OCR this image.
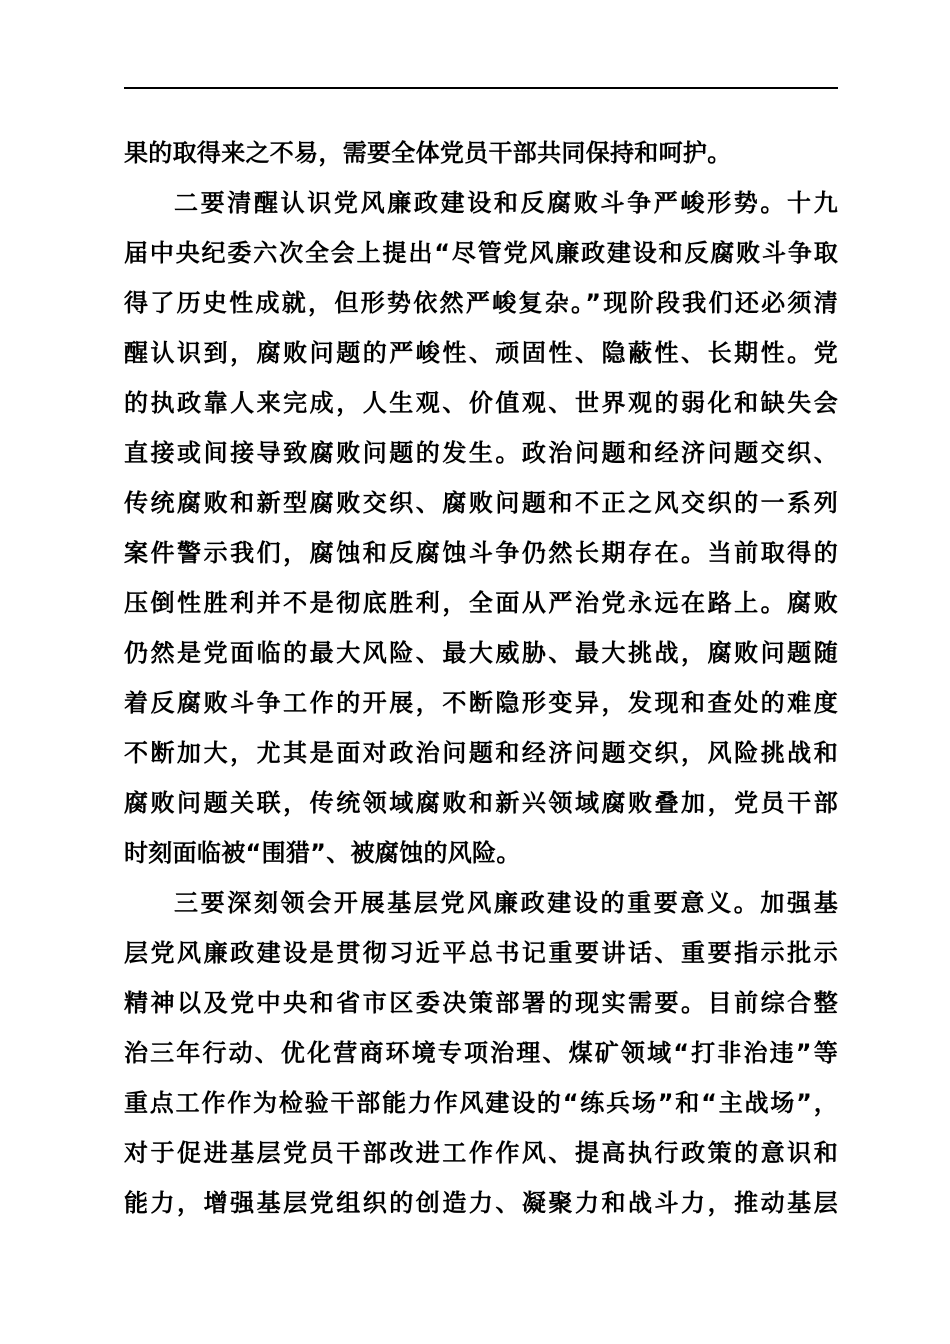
果的取得来之不易，需要全体党员干部共同保持和呵护。
二要清醒认识党风廉政建设和反腐败斗争严峻形势。十九
届中央纪委六次全会上提出“尽管党风廉政建设和反腐败斗争取
得了历史性成就，但形势依然严峻复杂。”现阶段我们还必须清
醒认识到，腐败问题的严峻性、顽固性、隐蔽性、长期性。党
的执政靠人来完成，人生观、价值观、世界观的弱化和缺失会
直接或间接导致腐败问题的发生。政治问题和经济问题交织、
传统腐败和新型腐败交织、腐败问题和不正之风交织的一系列
案件警示我们，腐蚀和反腐蚀斗争仍然长期存在。当前取得的
压倒性胜利并不是彻底胜利，全面从严治党永远在路上。腐败
仍然是党面临的最大风险、最大威胁、最大挑战，腐败问题随
着反腐败斗争工作的开展，不断隐形变异，发现和查处的难度
不断加大，尤其是面对政治问题和经济问题交织，风险挑战和
腐败问题关联，传统领域腐败和新兴领域腐败叠加，党员干部
时刻面临被“围猎”、被腐蚀的风险。
三要深刻领会开展基层党风廉政建设的重要意义。加强基
层党风廉政建设是贯彻习近平总书记重要讲话、重要指示批示
精神以及党中央和省市区委决策部署的现实需要。目前综合整
治三年行动、优化营商环境专项治理、煤矿领域“打非治违”等
重点工作作为检验干部能力作风建设的“练兵场”和“主战场”，
对于促进基层党员干部改进工作作风、提高执行政策的意识和
能力，增强基层党组织的创造力、凝聚力和战斗力，推动基层
